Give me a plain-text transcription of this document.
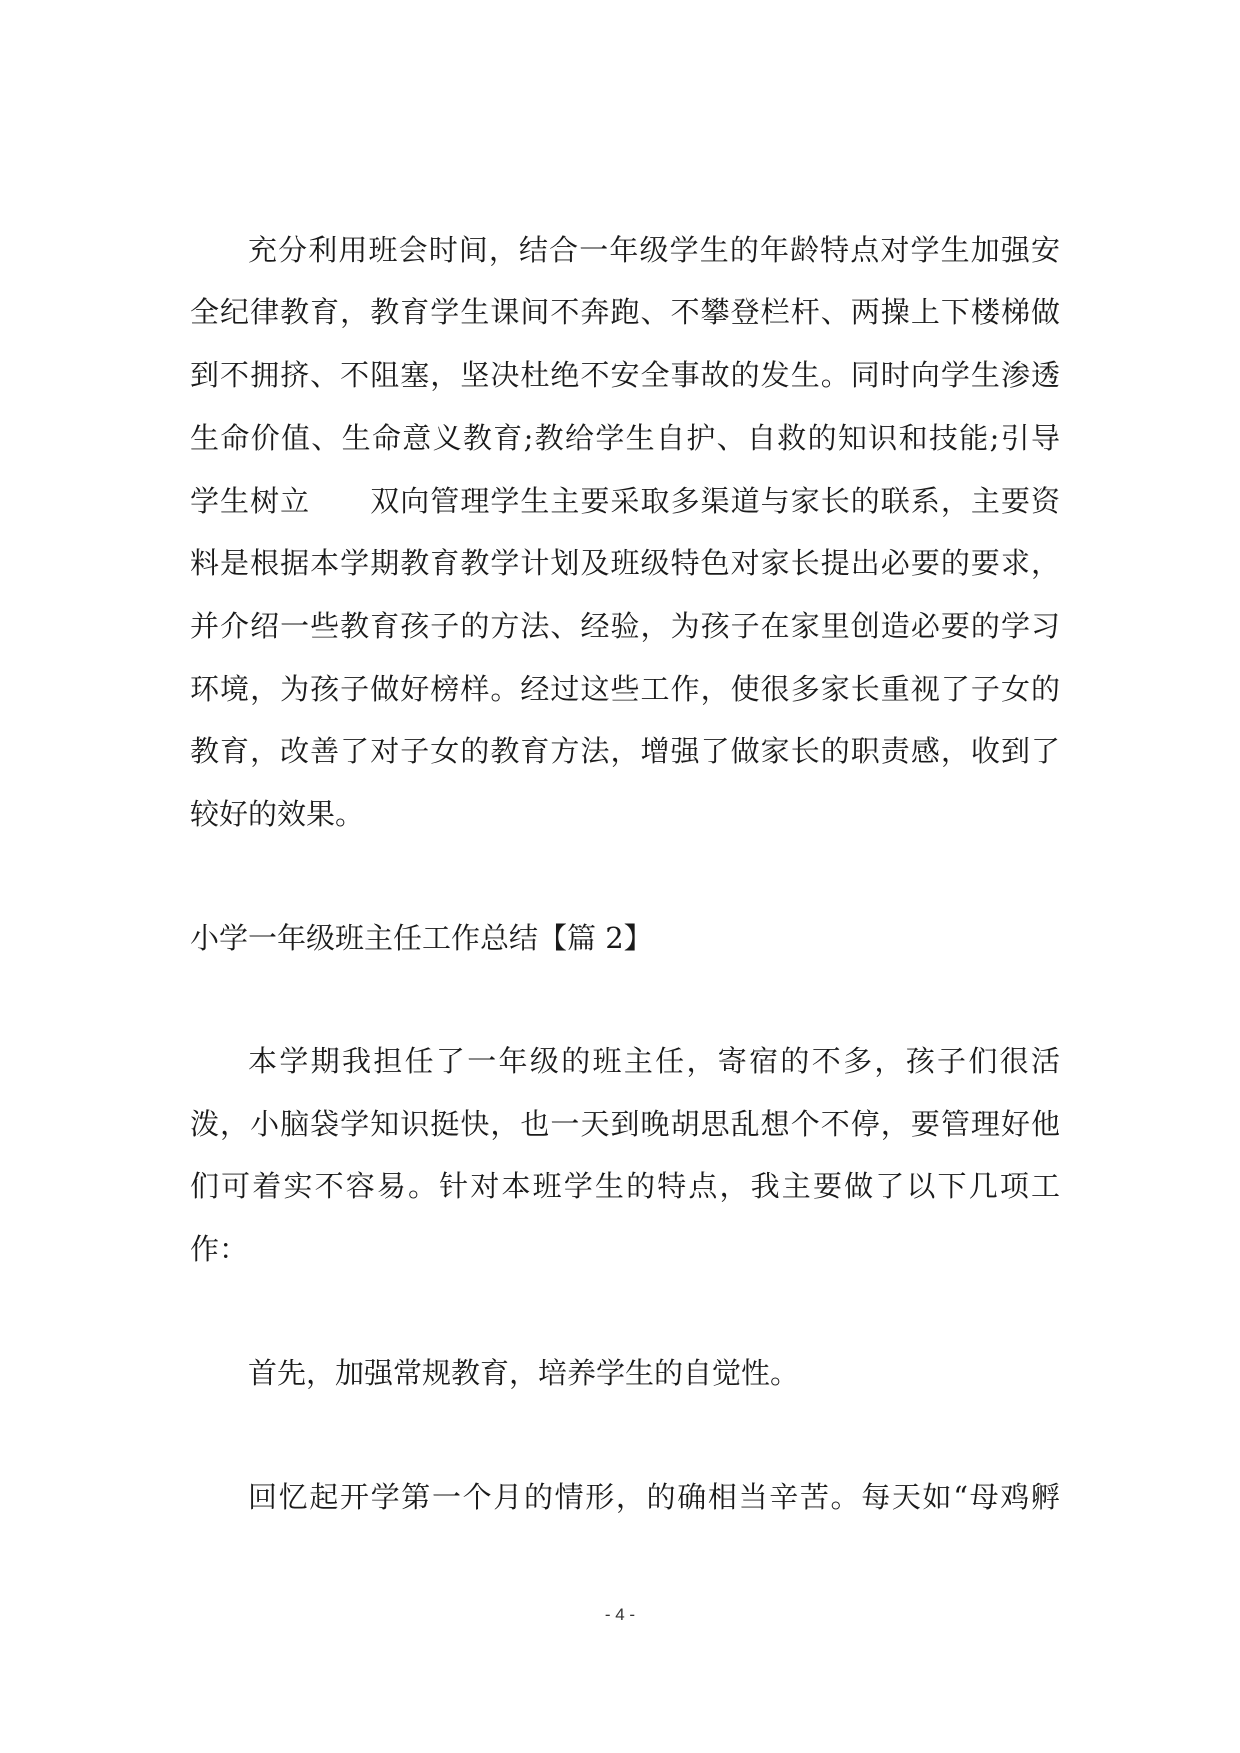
充分利用班会时间，结合一年级学生的年龄特点对学生加强安
全纪律教育，教育学生课间不奔跑、不攀登栏杆、两操上下楼梯做
到不拥挤、不阻塞，坚决杜绝不安全事故的发生。同时向学生渗透
生命价值、生命意义教育;教给学生自护、自救的知识和技能;引导
学生树立　　双向管理学生主要采取多渠道与家长的联系，主要资
料是根据本学期教育教学计划及班级特色对家长提出必要的要求，
并介绍一些教育孩子的方法、经验，为孩子在家里创造必要的学习
环境，为孩子做好榜样。经过这些工作，使很多家长重视了子女的
教育，改善了对子女的教育方法，增强了做家长的职责感，收到了
较好的效果。
小学一年级班主任工作总结【篇 2】
本学期我担任了一年级的班主任，寄宿的不多，孩子们很活
泼，小脑袋学知识挺快，也一天到晚胡思乱想个不停，要管理好他
们可着实不容易。针对本班学生的特点，我主要做了以下几项工
作：
首先，加强常规教育，培养学生的自觉性。
回忆起开学第一个月的情形，的确相当辛苦。每天如“母鸡孵
- 4 -
